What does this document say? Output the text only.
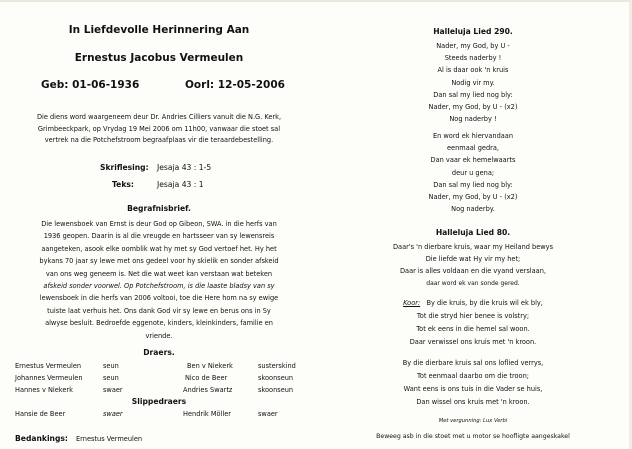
In Liefdevolle Herinnering Aan
Ernestus Jacobus Vermeulen
Geb: 01-06-1936	Oorl: 12-05-2006
Die diens word waargeneem deur Dr. Andries Cilliers vanuit die N.G. Kerk,
Grimbeeckpark, op Vrydag 19 Mei 2006 om 11h00, vanwaar die stoet sal
vertrek na die Potchefstroom begraafplaas vir die teraardebestelling.
Skriflesing: Jesaja 43 : 1-5
Teks:	Jesaja 43 : 1
Begrafnisbrief.
Die lewensboek van Ernst is deur God op Gibeon, SWA. in die herfs van
1936 geopen. Daarin is al die vreugde en hartsseer van sy lewensreis
aangeteken, asook elke oomblik wat hy met sy God vertoef het. Hy het
bykans 70 jaar sy lewe met ons gedeel voor hy skielik en sonder afskeid
van ons weg geneem is. Net die wat weet kan verstaan wat beteken
afskeid sonder voorwel. Op Potchefstroom, is die laaste bladsy van sy
lewensboek in die herfs van 2006 voltooi, toe die Here hom na sy ewige
tuiste laat verhuis het. Ons dank God vir sy lewe en berus ons in Sy
alwyse besluit. Bedroefde eggenote, kinders, kleinkinders, familie en
vriende.
Draers.
Ernestus Vermeulen	seun	Ben v Niekerk	susterskind
Johannes Vermeulen	seun	Nico de Beer	skoonseun
Hannes v Niekerk	swaer	Andries Swartz	skoonseun
Slippedraers
Hansie de Beer	swaer	Hendrik Möller	swaer
Bedankings: Ernestus Vermeulen
Halleluja Lied 290.
Nader, my God, by U -
Steeds naderby !
Al is daar ook 'n kruis
Nodig vir my.
Dan sal my lied nog bly:
Nader, my God, by U - (x2)
Nog naderby !
En word ek hiervandaan
eenmaal gedra,
Dan vaar ek hemelwaarts
deur u gena;
Dan sal my lied nog bly:
Nader, my God, by U - (x2)
Nog naderby.
Halleluja Lied 80.
Daar's 'n dierbare kruis, waar my Heiland bewys
Die liefde wat Hy vir my het;
Daar is alles voldaan en die vyand verslaan,
daar word ek van sonde gered.
Koor: By die kruis, by die kruis wil ek bly,
Tot die stryd hier benee is volstry;
Tot ek eens in die hemel sal woon.
Daar verwissel ons kruis met 'n kroon.
By die dierbare kruis sal ons loflied verrys,
Tot eenmaal daarbo om die troon;
Want eens is ons tuis in die Vader se huis,
Dan wissel ons kruis met 'n kroon.
Met vergunning: Lux Verbi
Beweeg asb in die stoet met u motor se hoofligte aangeskakel
